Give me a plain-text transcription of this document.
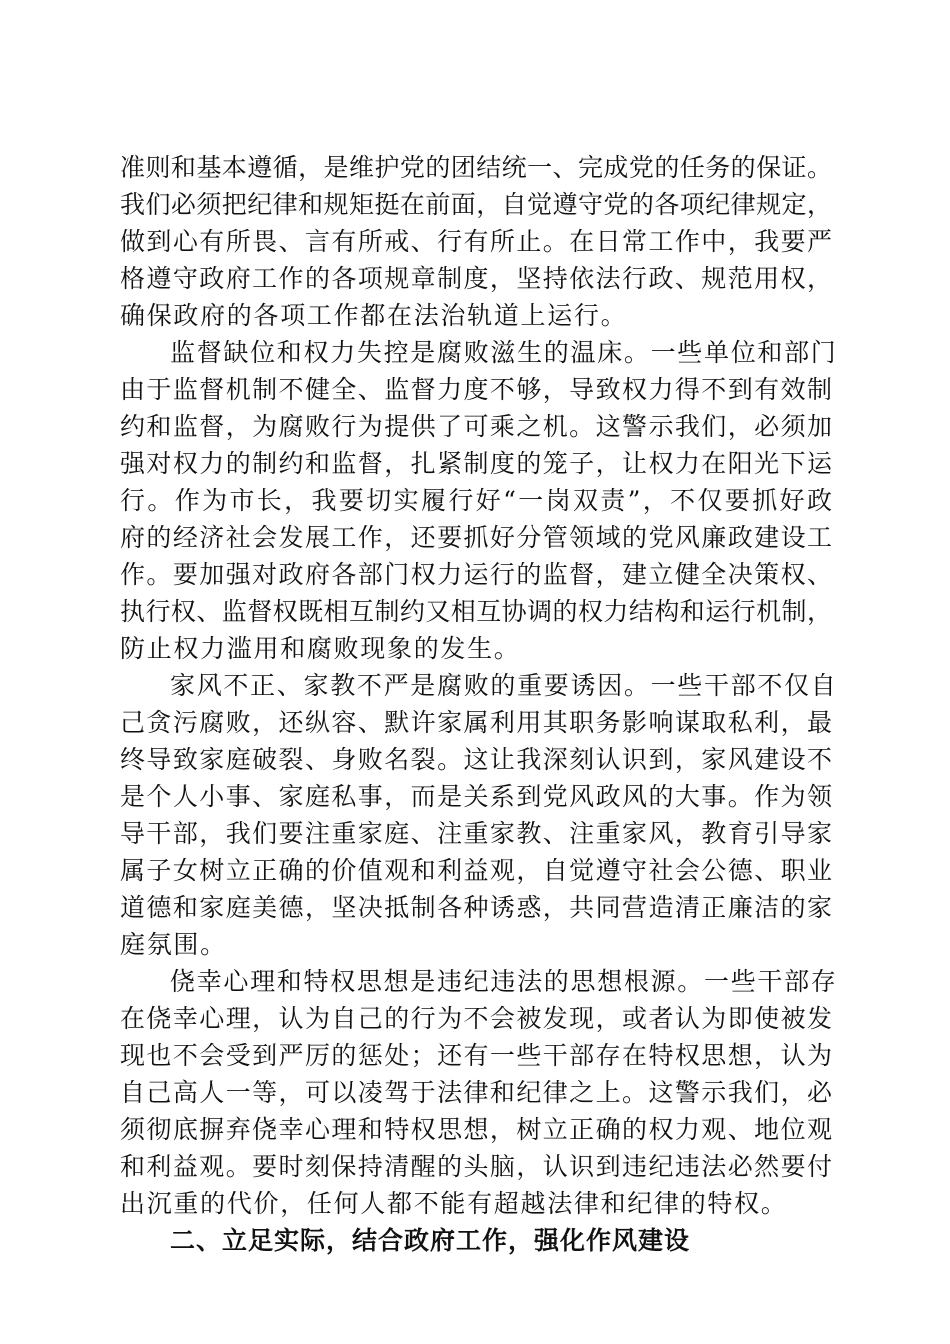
准则和基本遵循，是维护党的团结统一、完成党的任务的保证。
我们必须把纪律和规矩挺在前面，自觉遵守党的各项纪律规定，
做到心有所畏、言有所戒、行有所止。在日常工作中，我要严
格遵守政府工作的各项规章制度，坚持依法行政、规范用权，
确保政府的各项工作都在法治轨道上运行。
监督缺位和权力失控是腐败滋生的温床。一些单位和部门
由于监督机制不健全、监督力度不够，导致权力得不到有效制
约和监督，为腐败行为提供了可乘之机。这警示我们，必须加
强对权力的制约和监督，扎紧制度的笼子，让权力在阳光下运
行。作为市长，我要切实履行好“一岗双责”，不仅要抓好政
府的经济社会发展工作，还要抓好分管领域的党风廉政建设工
作。要加强对政府各部门权力运行的监督，建立健全决策权、
执行权、监督权既相互制约又相互协调的权力结构和运行机制，
防止权力滥用和腐败现象的发生。
家风不正、家教不严是腐败的重要诱因。一些干部不仅自
己贪污腐败，还纵容、默许家属利用其职务影响谋取私利，最
终导致家庭破裂、身败名裂。这让我深刻认识到，家风建设不
是个人小事、家庭私事，而是关系到党风政风的大事。作为领
导干部，我们要注重家庭、注重家教、注重家风，教育引导家
属子女树立正确的价值观和利益观，自觉遵守社会公德、职业
道德和家庭美德，坚决抵制各种诱惑，共同营造清正廉洁的家
庭氛围。
侥幸心理和特权思想是违纪违法的思想根源。一些干部存
在侥幸心理，认为自己的行为不会被发现，或者认为即使被发
现也不会受到严厉的惩处；还有一些干部存在特权思想，认为
自己高人一等，可以凌驾于法律和纪律之上。这警示我们，必
须彻底摒弃侥幸心理和特权思想，树立正确的权力观、地位观
和利益观。要时刻保持清醒的头脑，认识到违纪违法必然要付
出沉重的代价，任何人都不能有超越法律和纪律的特权。
二、立足实际，结合政府工作，强化作风建设
